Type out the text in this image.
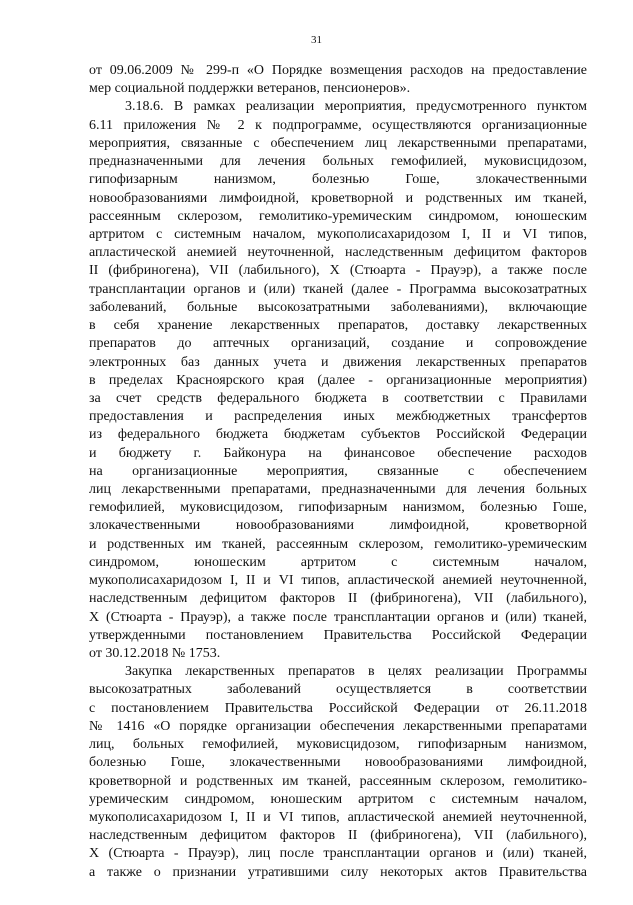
31
от 09.06.2009 № 299-п «О Порядке возмещения расходов на предоставление
мер социальной поддержки ветеранов, пенсионеров».
3.18.6. В рамках реализации мероприятия, предусмотренного пунктом
6.11 приложения № 2 к подпрограмме, осуществляются организационные
мероприятия, связанные с обеспечением лиц лекарственными препаратами,
предназначенными для лечения больных гемофилией, муковисцидозом,
гипофизарным нанизмом, болезнью Гоше, злокачественными
новообразованиями лимфоидной, кроветворной и родственных им тканей,
рассеянным склерозом, гемолитико-уремическим синдромом, юношеским
артритом с системным началом, мукополисахаридозом I, II и VI типов,
апластической анемией неуточненной, наследственным дефицитом факторов
II (фибриногена), VII (лабильного), X (Стюарта - Прауэр), а также после
трансплантации органов и (или) тканей (далее - Программа высокозатратных
заболеваний, больные высокозатратными заболеваниями), включающие
в себя хранение лекарственных препаратов, доставку лекарственных
препаратов до аптечных организаций, создание и сопровождение
электронных баз данных учета и движения лекарственных препаратов
в пределах Красноярского края (далее - организационные мероприятия)
за счет средств федерального бюджета в соответствии с Правилами
предоставления и распределения иных межбюджетных трансфертов
из федерального бюджета бюджетам субъектов Российской Федерации
и бюджету г. Байконура на финансовое обеспечение расходов
на организационные мероприятия, связанные с обеспечением
лиц лекарственными препаратами, предназначенными для лечения больных
гемофилией, муковисцидозом, гипофизарным нанизмом, болезнью Гоше,
злокачественными новообразованиями лимфоидной, кроветворной
и родственных им тканей, рассеянным склерозом, гемолитико-уремическим
синдромом, юношеским артритом с системным началом,
мукополисахаридозом I, II и VI типов, апластической анемией неуточненной,
наследственным дефицитом факторов II (фибриногена), VII (лабильного),
X (Стюарта - Прауэр), а также после трансплантации органов и (или) тканей,
утвержденными постановлением Правительства Российской Федерации
от 30.12.2018 № 1753.
Закупка лекарственных препаратов в целях реализации Программы
высокозатратных заболеваний осуществляется в соответствии
с постановлением Правительства Российской Федерации от 26.11.2018
№ 1416 «О порядке организации обеспечения лекарственными препаратами
лиц, больных гемофилией, муковисцидозом, гипофизарным нанизмом,
болезнью Гоше, злокачественными новообразованиями лимфоидной,
кроветворной и родственных им тканей, рассеянным склерозом, гемолитико-
уремическим синдромом, юношеским артритом с системным началом,
мукополисахаридозом I, II и VI типов, апластической анемией неуточненной,
наследственным дефицитом факторов II (фибриногена), VII (лабильного),
X (Стюарта - Прауэр), лиц после трансплантации органов и (или) тканей,
а также о признании утратившими силу некоторых актов Правительства
